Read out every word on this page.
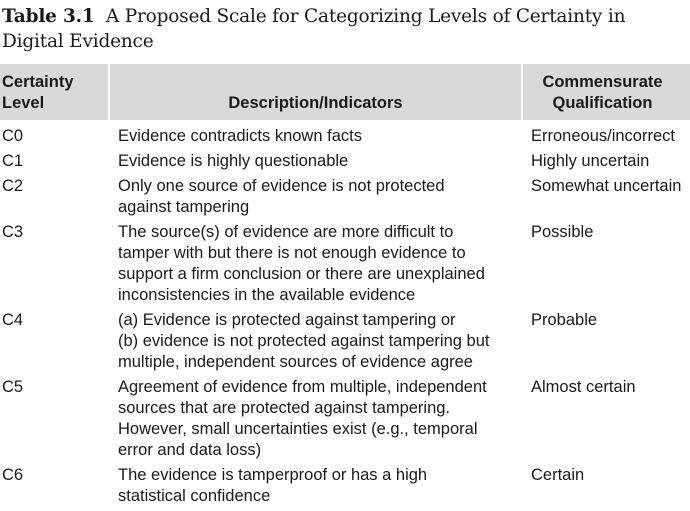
Table 3.1 A Proposed Scale for Categorizing Levels of Certainty in
Digital Evidence
Certainty
Level	Description/Indicators	Commensurate
Qualification

C0	Evidence contradicts known facts	Erroneous/incorrect
C1	Evidence is highly questionable	Highly uncertain
C2	Only one source of evidence is not protected
against tampering	Somewhat uncertain
C3	The source(s) of evidence are more difficult to
tamper with but there is not enough evidence to
support a firm conclusion or there are unexplained
inconsistencies in the available evidence	Possible
C4	(a) Evidence is protected against tampering or
(b) evidence is not protected against tampering but
multiple, independent sources of evidence agree	Probable
C5	Agreement of evidence from multiple, independent
sources that are protected against tampering.
However, small uncertainties exist (e.g., temporal
error and data loss)	Almost certain
C6	The evidence is tamperproof or has a high
statistical confidence	Certain
